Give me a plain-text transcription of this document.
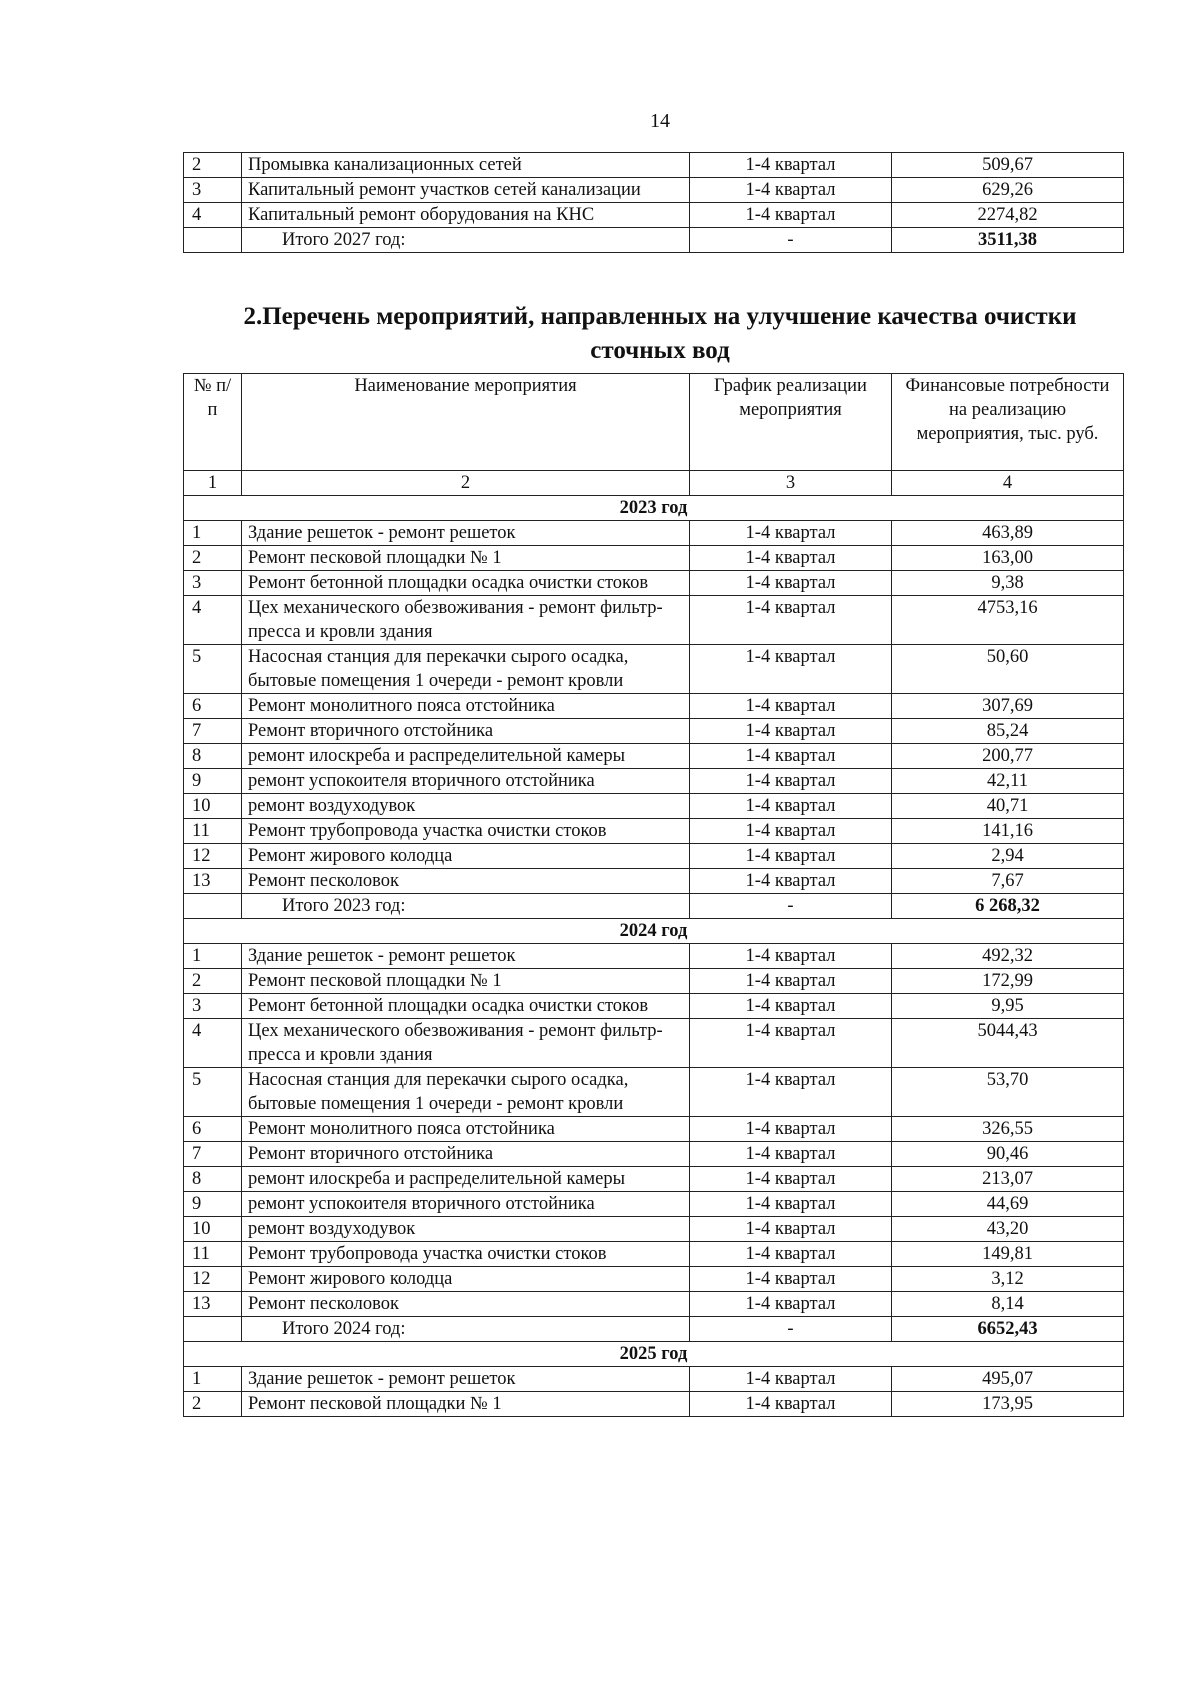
14
2	Промывка канализационных сетей	1-4 квартал	509,67
3	Капитальный ремонт участков сетей канализации	1-4 квартал	629,26
4	Капитальный ремонт оборудования на КНС	1-4 квартал	2274,82
	Итого 2027 год:	-	3511,38
2.Перечень мероприятий, направленных на улучшение качества очистки
сточных вод
№ п/п	Наименование мероприятия	График реализации мероприятия	Финансовые потребности на реализацию мероприятия, тыс. руб.
1	2	3	4
2023 год			
1	Здание решеток - ремонт решеток	1-4 квартал	463,89
2	Ремонт песковой площадки № 1	1-4 квартал	163,00
3	Ремонт бетонной площадки осадка очистки стоков	1-4 квартал	9,38
4	Цех механического обезвоживания - ремонт фильтр-пресса и кровли здания	1-4 квартал	4753,16
5	Насосная станция для перекачки сырого осадка, бытовые помещения 1 очереди - ремонт кровли	1-4 квартал	50,60
6	Ремонт монолитного пояса отстойника	1-4 квартал	307,69
7	Ремонт вторичного отстойника	1-4 квартал	85,24
8	ремонт илоскреба и распределительной камеры	1-4 квартал	200,77
9	ремонт успокоителя вторичного отстойника	1-4 квартал	42,11
10	ремонт воздуходувок	1-4 квартал	40,71
11	Ремонт трубопровода участка очистки стоков	1-4 квартал	141,16
12	Ремонт жирового колодца	1-4 квартал	2,94
13	Ремонт песколовок	1-4 квартал	7,67
	Итого 2023 год:	-	6 268,32
2024 год			
1	Здание решеток - ремонт решеток	1-4 квартал	492,32
2	Ремонт песковой площадки № 1	1-4 квартал	172,99
3	Ремонт бетонной площадки осадка очистки стоков	1-4 квартал	9,95
4	Цех механического обезвоживания - ремонт фильтр-пресса и кровли здания	1-4 квартал	5044,43
5	Насосная станция для перекачки сырого осадка, бытовые помещения 1 очереди - ремонт кровли	1-4 квартал	53,70
6	Ремонт монолитного пояса отстойника	1-4 квартал	326,55
7	Ремонт вторичного отстойника	1-4 квартал	90,46
8	ремонт илоскреба и распределительной камеры	1-4 квартал	213,07
9	ремонт успокоителя вторичного отстойника	1-4 квартал	44,69
10	ремонт воздуходувок	1-4 квартал	43,20
11	Ремонт трубопровода участка очистки стоков	1-4 квартал	149,81
12	Ремонт жирового колодца	1-4 квартал	3,12
13	Ремонт песколовок	1-4 квартал	8,14
	Итого 2024 год:	-	6652,43
2025 год			
1	Здание решеток - ремонт решеток	1-4 квартал	495,07
2	Ремонт песковой площадки № 1	1-4 квартал	173,95
